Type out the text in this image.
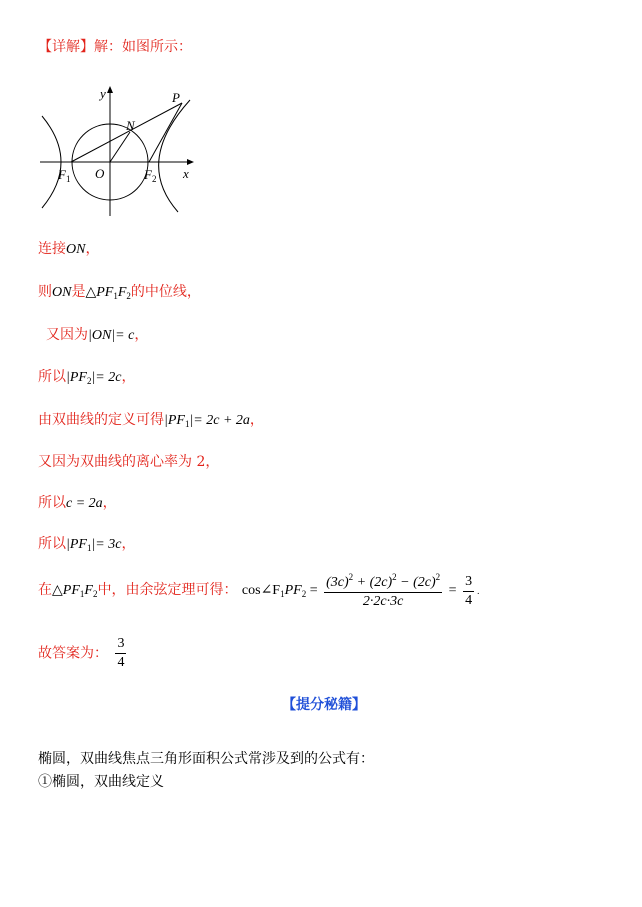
【详解】解：如图所示：
y
x
P
N
O
$F_1$	$F_2$
连接ON，
则ON是$\triangle PF_1F_2$的中位线，
又因为|ON|= c，
所以$|PF_2|= 2c$，
由双曲线的定义可得$|PF_1|= 2c + 2a$，
又因为双曲线的离心率为 2，
所以c = 2a，
所以$|PF_1|= 3c$，
在$\triangle PF_1F_2$中，由余弦定理可得： $\cos\angle F_1PF_2 = \frac{(3c)^2 + (2c)^2 - (2c)^2}{2\cdot 2c\cdot 3c} = \frac{3}{4}$ .
故答案为： $\frac{3}{4}$
【提分秘籍】
椭圆，双曲线焦点三角形面积公式常涉及到的公式有：
①椭圆，双曲线定义
